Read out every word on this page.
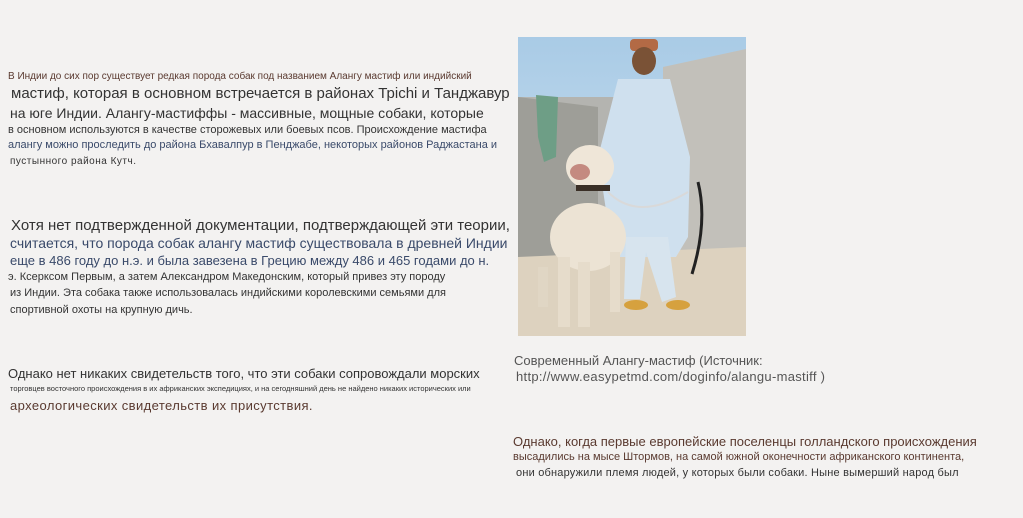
В Индии до сих пор существует редкая порода собак под названием Алангу мастиф или индийский
мастиф, которая в основном встречается в районах Трichi и Танджавур
на юге Индии. Алангу-мастиффы - массивные, мощные собаки, которые
в основном используются в качестве сторожевых или боевых псов. Происхождение мастифа
алангу можно проследить до района Бхавалпур в Пенджабе, некоторых районов Раджастана и
пустынного района Кутч.
Хотя нет подтвержденной документации, подтверждающей эти теории,
считается, что порода собак алангу мастиф существовала в древней Индии
еще в 486 году до н.э. и была завезена в Грецию между 486 и 465 годами до н.
э. Ксерксом Первым, а затем Александром Македонским, который привез эту породу
из Индии. Эта собака также использовалась индийскими королевскими семьями для
спортивной охоты на крупную дичь.
Однако нет никаких свидетельств того, что эти собаки сопровождали морских
торговцев восточного происхождения в их африканских экспедициях, и на сегодняшний день не найдено никаких исторических или
археологических свидетельств их присутствия.
Современный Алангу-мастиф (Источник:
http://www.easypetmd.com/doginfo/alangu-mastiff )
Однако, когда первые европейские поселенцы голландского происхождения
высадились на мысе Штормов, на самой южной оконечности африканского континента,
они обнаружили племя людей, у которых были собаки. Ныне вымерший народ был
